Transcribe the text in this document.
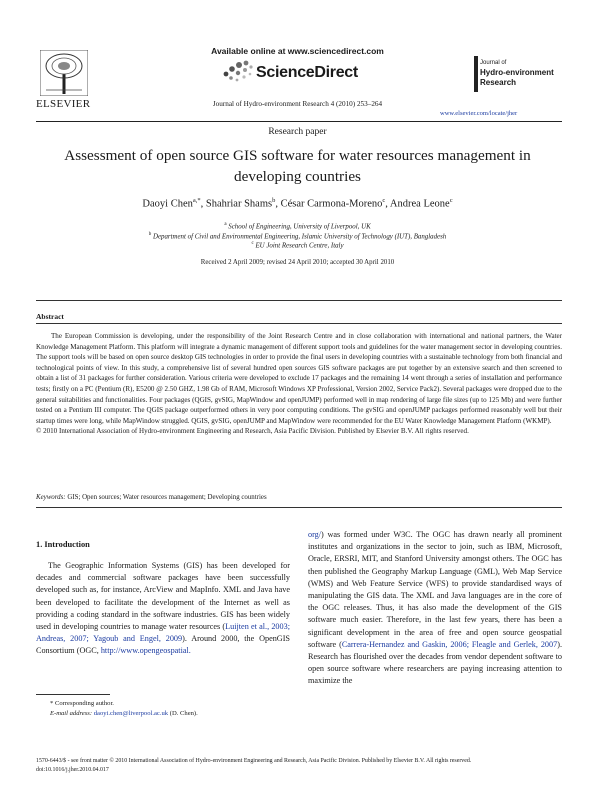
Available online at www.sciencedirect.com
ScienceDirect
Journal of Hydro-environment Research 4 (2010) 253–264
ELSEVIER
Journal of
Hydro-environment
Research
www.elsevier.com/locate/jher
Research paper
Assessment of open source GIS software for water resources management in developing countries
Daoyi Chen$^{a,*}$, Shahriar Shams$^b$, César Carmona-Moreno$^c$, Andrea Leone$^c$
$^a$ School of Engineering, University of Liverpool, UK
$^b$ Department of Civil and Environmental Engineering, Islamic University of Technology (IUT), Bangladesh
$^c$ EU Joint Research Centre, Italy
Received 2 April 2009; revised 24 April 2010; accepted 30 April 2010
Abstract

The European Commission is developing, under the responsibility of the Joint Research Centre and in close collaboration with international and national partners, the Water Knowledge Management Platform. This platform will integrate a dynamic management of different support tools and guidelines for the water management sector in developing countries. The support tools will be based on open source desktop GIS technologies in order to provide the final users in developing countries with a sustainable technology from both financial and technological points of view. In this study, a comprehensive list of several hundred open sources GIS software packages are put together by an extensive search and then screened to obtain a list of 31 packages for further consideration. Various criteria were developed to exclude 17 packages and the remaining 14 went through a series of installation and performance tests; firstly on a PC (Pentium (R), E5200 @ 2.50 GHZ, 1.98 Gb of RAM, Microsoft Windows XP Professional, Version 2002, Service Pack2). Several packages were dropped due to the general suitabilities and functionalities. Four packages (QGIS, gvSIG, MapWindow and openJUMP) performed well in map rendering of large file sizes (up to 125 Mb) and were further tested on a Pentium III computer. The QGIS package outperformed others in very poor computing conditions. The gvSIG and openJUMP packages performed reasonably well but their startup times were long, while MapWindow struggled. QGIS, gvSIG, openJUMP and MapWindow were recommended for the EU Water Knowledge Management Platform (WKMP).

© 2010 International Association of Hydro-environment Engineering and Research, Asia Pacific Division. Published by Elsevier B.V. All rights reserved.

Keywords: GIS; Open sources; Water resources management; Developing countries
1. Introduction

The Geographic Information Systems (GIS) has been developed for decades and commercial software packages have been successfully developed such as, for instance, ArcView and MapInfo. XML and Java have been developed to facilitate the development of the Internet as well as providing a coding standard in the software industries. GIS has been widely used in developing countries to manage water resources (Luijten et al., 2003; Andreas, 2007; Yagoub and Engel, 2009). Around 2000, the OpenGIS Consortium (OGC, http://www.opengeospatial.

org/) was formed under W3C. The OGC has drawn nearly all prominent institutes and organizations in the sector to join, such as IBM, Microsoft, Oracle, ERSRI, MIT, and Stanford University amongst others. The OGC has then published the Geography Markup Language (GML), Web Map Service (WMS) and Web Feature Service (WFS) to provide standardised ways of manipulating the GIS data. The XML and Java languages are in the core of the OGC releases. Thus, it has also made the development of the GIS software much easier. Therefore, in the last few years, there has been a significant development in the area of free and open source geospatial software (Carrera-Hernandez and Gaskin, 2006; Fleagle and Gerlek, 2007). Research has flourished over the decades from vendor dependent software to open source software where researchers are paying increasing attention to maximize the

* Corresponding author.
E-mail address: daoyi.chen@liverpool.ac.uk (D. Chen).
1570-6443/$ - see front matter © 2010 International Association of Hydro-environment Engineering and Research, Asia Pacific Division. Published by Elsevier B.V. All rights reserved.
doi:10.1016/j.jher.2010.04.017
